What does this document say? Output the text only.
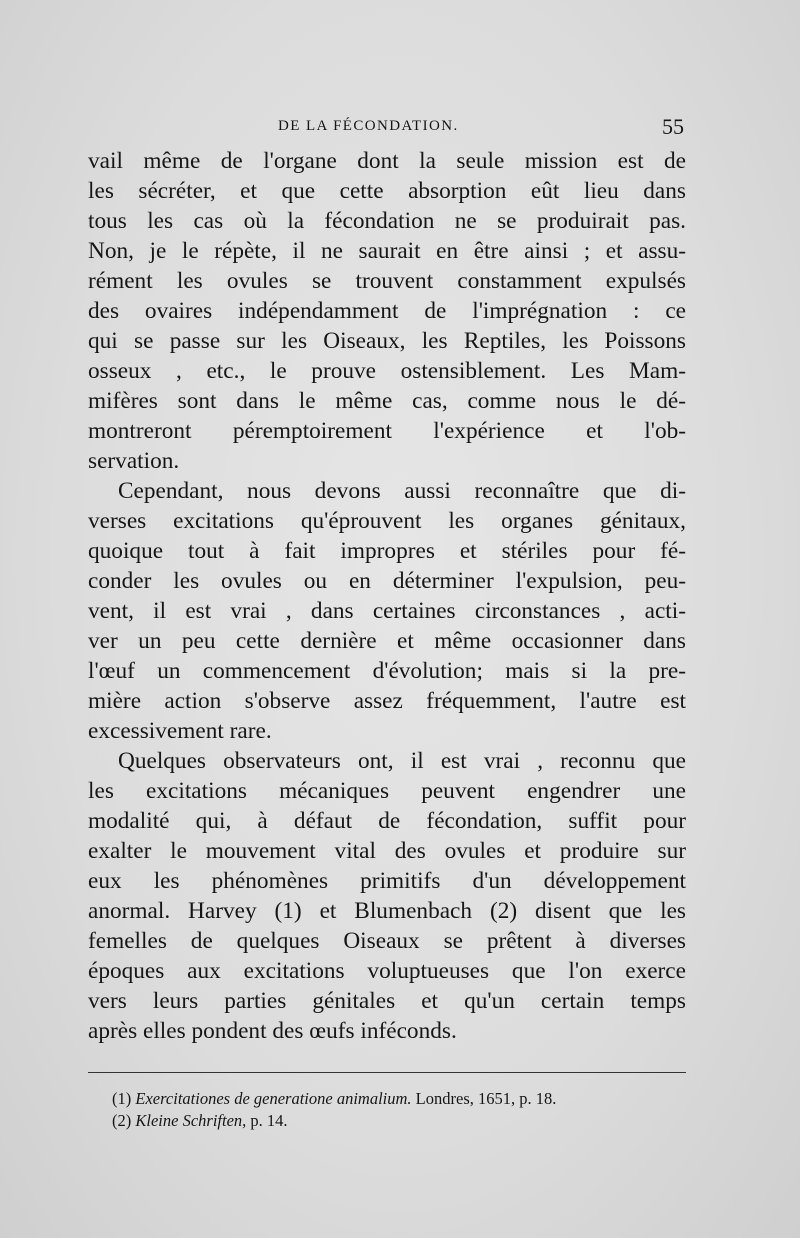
DE LA FÉCONDATION.	55
vail même de l'organe dont la seule mission est de
les sécréter, et que cette absorption eût lieu dans
tous les cas où la fécondation ne se produirait pas.
Non, je le répète, il ne saurait en être ainsi ; et assu-
rément les ovules se trouvent constamment expulsés
des ovaires indépendamment de l'imprégnation : ce
qui se passe sur les Oiseaux, les Reptiles, les Poissons
osseux , etc., le prouve ostensiblement. Les Mam-
mifères sont dans le même cas, comme nous le dé-
montreront péremptoirement l'expérience et l'ob-
servation.
Cependant, nous devons aussi reconnaître que di-
verses excitations qu'éprouvent les organes génitaux,
quoique tout à fait impropres et stériles pour fé-
conder les ovules ou en déterminer l'expulsion, peu-
vent, il est vrai , dans certaines circonstances , acti-
ver un peu cette dernière et même occasionner dans
l'œuf un commencement d'évolution; mais si la pre-
mière action s'observe assez fréquemment, l'autre est
excessivement rare.
Quelques observateurs ont, il est vrai , reconnu que
les excitations mécaniques peuvent engendrer une
modalité qui, à défaut de fécondation, suffit pour
exalter le mouvement vital des ovules et produire sur
eux les phénomènes primitifs d'un développement
anormal. Harvey (1) et Blumenbach (2) disent que les
femelles de quelques Oiseaux se prêtent à diverses
époques aux excitations voluptueuses que l'on exerce
vers leurs parties génitales et qu'un certain temps
après elles pondent des œufs inféconds.
(1) Exercitationes de generatione animalium. Londres, 1651, p. 18.
(2) Kleine Schriften, p. 14.
